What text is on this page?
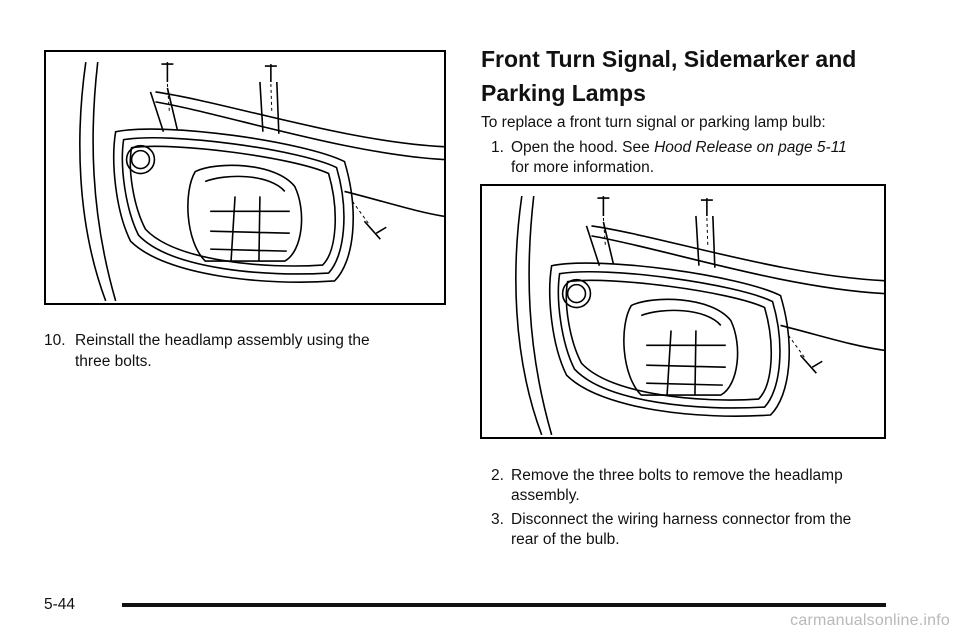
10. Reinstall the headlamp assembly using the
three bolts.
Front Turn Signal, Sidemarker and
Parking Lamps
To replace a front turn signal or parking lamp bulb:
1. Open the hood. See Hood Release on page 5-11
for more information.
2. Remove the three bolts to remove the headlamp
assembly.
3. Disconnect the wiring harness connector from the
rear of the bulb.
5-44
carmanualsonline.info
